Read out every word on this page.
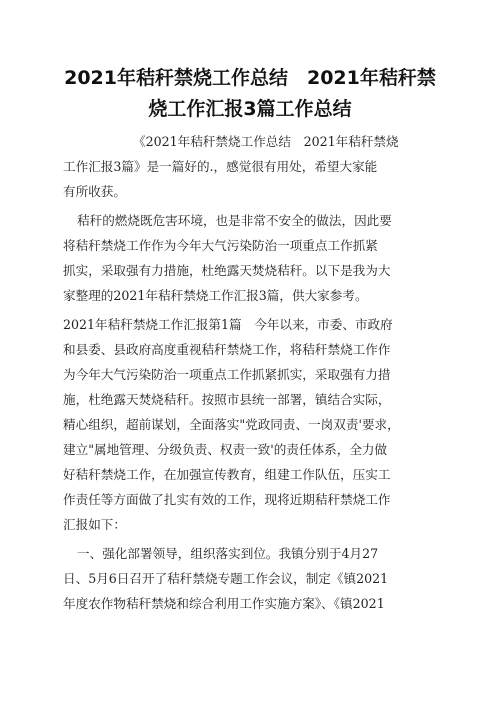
2021年秸秆禁烧工作总结　2021年秸秆禁
烧工作汇报3篇工作总结

《2021年秸秆禁烧工作总结　2021年秸秆禁烧

工作汇报3篇》是一篇好的.，感觉很有用处，希望大家能

有所收获。

秸秆的燃烧既危害环境，也是非常不安全的做法，因此要

将秸秆禁烧工作作为今年大气污染防治一项重点工作抓紧

抓实，采取强有力措施，杜绝露天焚烧秸秆。以下是我为大

家整理的2021年秸秆禁烧工作汇报3篇，供大家参考。

2021年秸秆禁烧工作汇报第1篇　今年以来，市委、市政府

和县委、县政府高度重视秸秆禁烧工作，将秸秆禁烧工作作

为今年大气污染防治一项重点工作抓紧抓实，采取强有力措

施，杜绝露天焚烧秸秆。按照市县统一部署，镇结合实际，

精心组织，超前谋划，全面落实"党政同责、一岗双责'要求，

建立"属地管理、分级负责、权责一致'的责任体系，全力做

好秸秆禁烧工作，在加强宣传教育，组建工作队伍，压实工

作责任等方面做了扎实有效的工作，现将近期秸秆禁烧工作

汇报如下：

一、强化部署领导，组织落实到位。我镇分别于4月27

日、5月6日召开了秸秆禁烧专题工作会议，制定《镇2021

年度农作物秸秆禁烧和综合利用工作实施方案》、《镇2021
